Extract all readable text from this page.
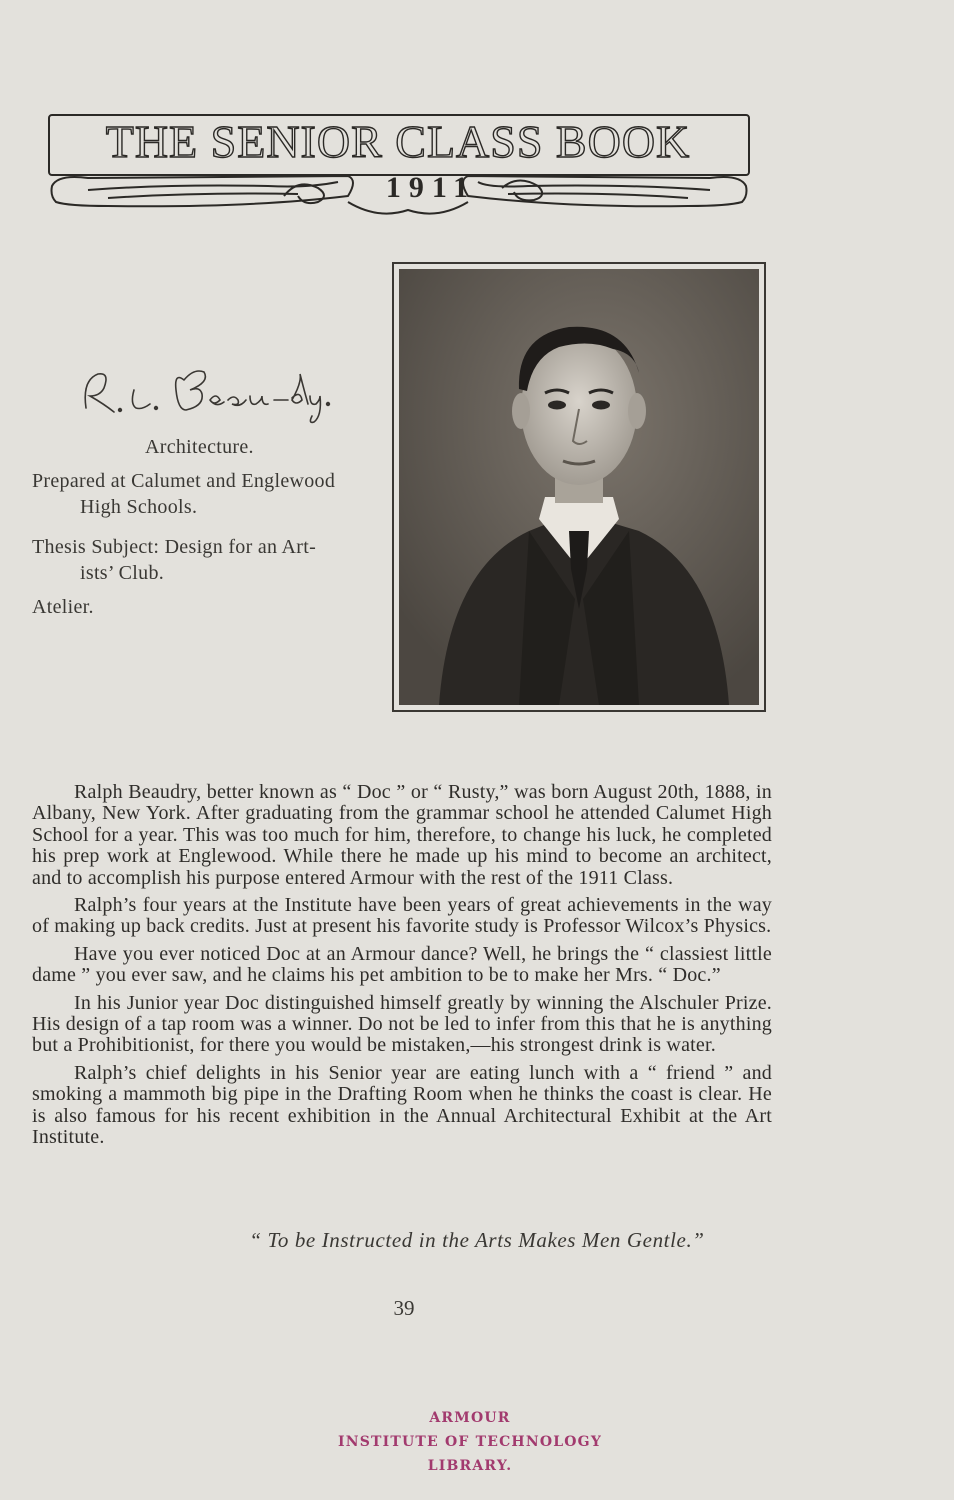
THE SENIOR CLASS BOOK
1911
Architecture.
Prepared at Calumet and Englewood
High Schools.
Thesis Subject: Design for an Art-
ists’ Club.
Atelier.

Ralph Beaudry, better known as “ Doc ” or “ Rusty,” was born August 20th, 1888, in Albany, New York. After graduating from the grammar school he attended Calumet High School for a year. This was too much for him, therefore, to change his luck, he completed his prep work at Englewood. While there he made up his mind to become an architect, and to accomplish his purpose entered Armour with the rest of the 1911 Class.

Ralph’s four years at the Institute have been years of great achievements in the way of making up back credits. Just at present his favorite study is Professor Wilcox’s Physics.

Have you ever noticed Doc at an Armour dance? Well, he brings the “ classiest little dame ” you ever saw, and he claims his pet ambition to be to make her Mrs. “ Doc.”

In his Junior year Doc distinguished himself greatly by winning the Alschuler Prize. His design of a tap room was a winner. Do not be led to infer from this that he is anything but a Prohibitionist, for there you would be mistaken,—his strongest drink is water.

Ralph’s chief delights in his Senior year are eating lunch with a “ friend ” and smoking a mammoth big pipe in the Drafting Room when he thinks the coast is clear. He is also famous for his recent exhibition in the Annual Architectural Exhibit at the Art Institute.

“ To be Instructed in the Arts Makes Men Gentle.”
39
ARMOUR
INSTITUTE OF TECHNOLOGY
LIBRARY.
